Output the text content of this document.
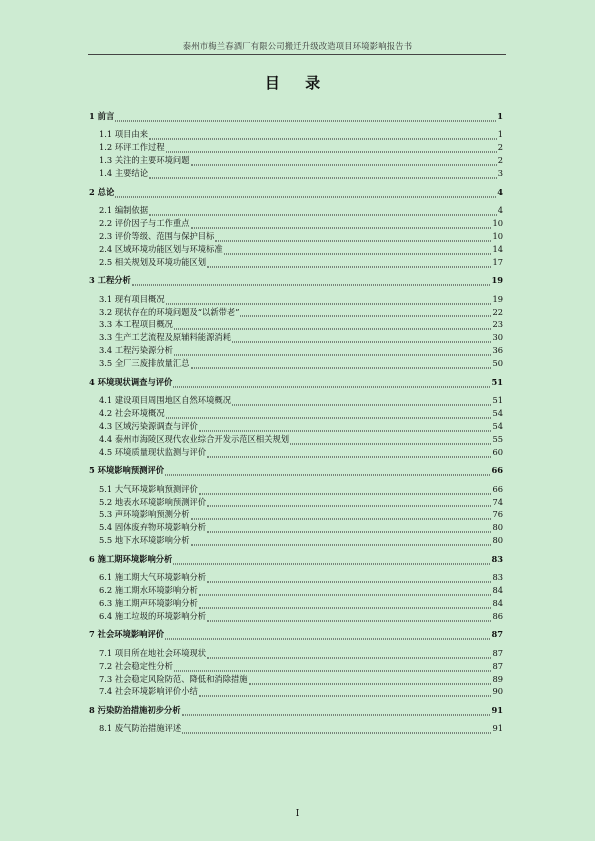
泰州市梅兰春酒厂有限公司搬迁升级改造项目环境影响报告书
目 录
1 前言	1
1.1 项目由来	1
1.2 环评工作过程	2
1.3 关注的主要环境问题	2
1.4 主要结论	3
2 总论	4
2.1 编制依据	4
2.2 评价因子与工作重点	10
2.3 评价等级、范围与保护目标	10
2.4 区域环境功能区划与环境标准	14
2.5 相关规划及环境功能区划	17
3 工程分析	19
3.1 现有项目概况	19
3.2 现状存在的环境问题及“以新带老”	22
3.3 本工程项目概况	23
3.3 生产工艺流程及原辅料能源消耗	30
3.4 工程污染源分析	36
3.5 全厂三废排放量汇总	50
4 环境现状调查与评价	51
4.1 建设项目周围地区自然环境概况	51
4.2 社会环境概况	54
4.3 区域污染源调查与评价	54
4.4 泰州市海陵区现代农业综合开发示范区相关规划	55
4.5 环境质量现状监测与评价	60
5 环境影响预测评价	66
5.1 大气环境影响预测评价	66
5.2 地表水环境影响预测评价	74
5.3 声环境影响预测分析	76
5.4 固体废弃物环境影响分析	80
5.5 地下水环境影响分析	80
6 施工期环境影响分析	83
6.1 施工期大气环境影响分析	83
6.2 施工期水环境影响分析	84
6.3 施工期声环境影响分析	84
6.4 施工垃圾的环境影响分析	86
7 社会环境影响评价	87
7.1 项目所在地社会环境现状	87
7.2 社会稳定性分析	87
7.3 社会稳定风险防范、降低和消除措施	89
7.4 社会环境影响评价小结	90
8 污染防治措施初步分析	91
8.1 废气防治措施评述	91
I
